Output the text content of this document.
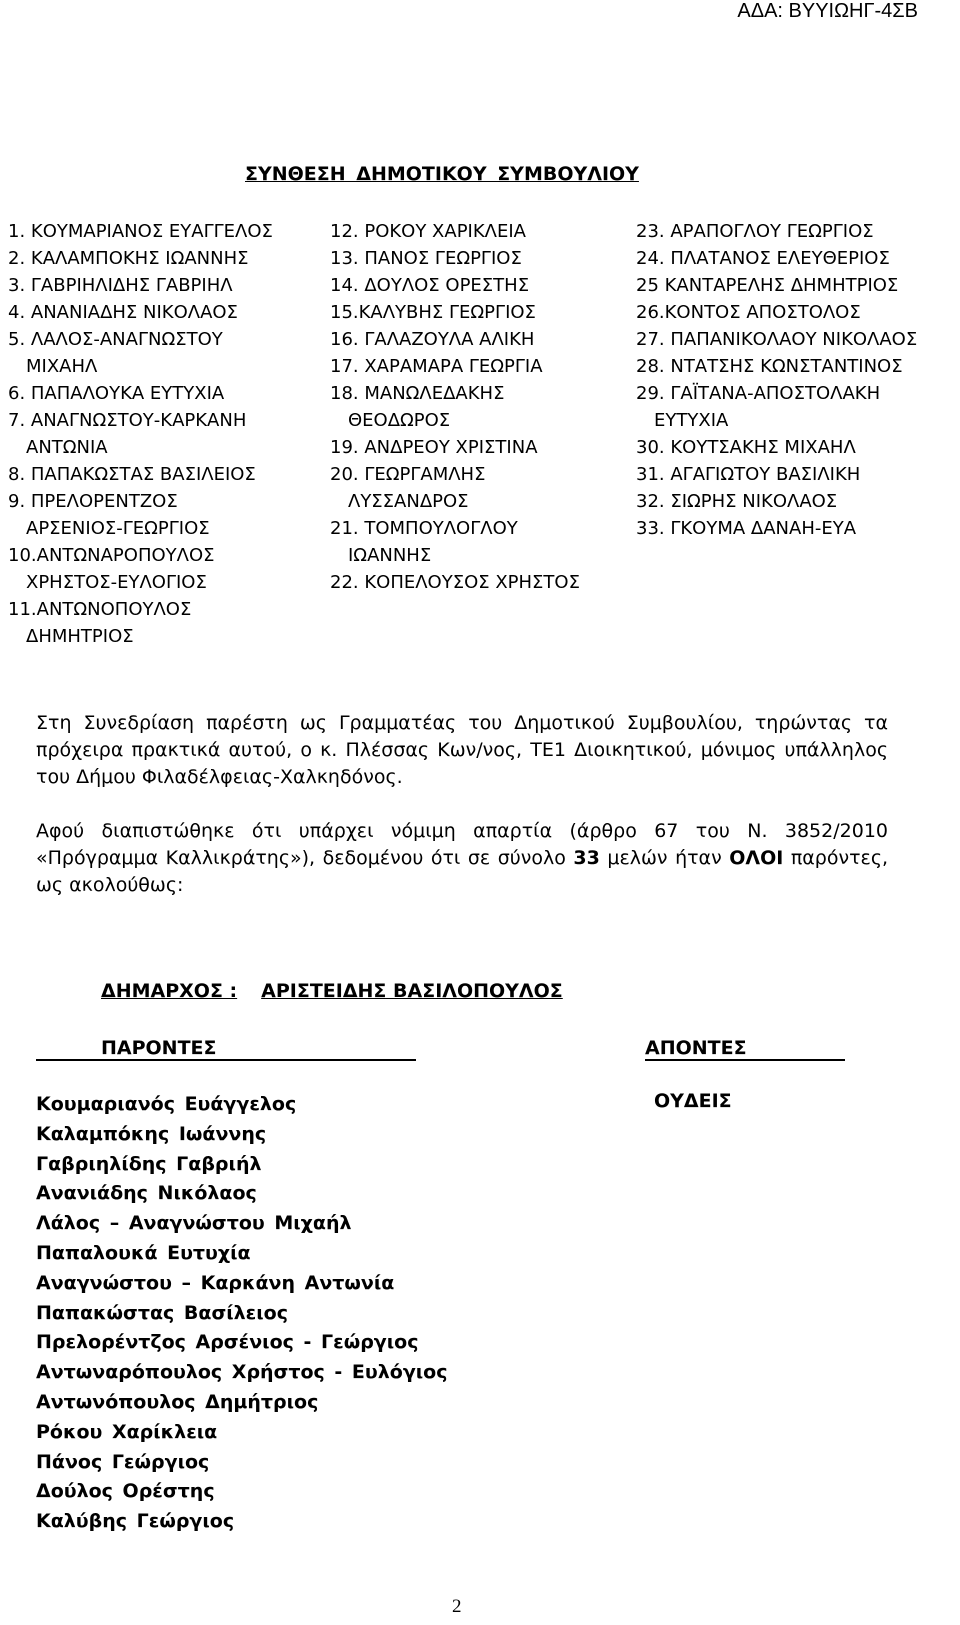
ΑΔΑ: ΒΥΥΙΩΗΓ-4ΣΒ
ΣΥΝΘΕΣΗ ΔΗΜΟΤΙΚΟΥ ΣΥΜΒΟΥΛΙΟΥ
1. ΚΟΥΜΑΡΙΑΝΟΣ ΕΥΑΓΓΕΛΟΣ
2. ΚΑΛΑΜΠΟΚΗΣ ΙΩΑΝΝΗΣ
3. ΓΑΒΡΙΗΛΙΔΗΣ ΓΑΒΡΙΗΛ
4. ΑΝΑΝΙΑΔΗΣ ΝΙΚΟΛΑΟΣ
5. ΛΑΛΟΣ-ΑΝΑΓΝΩΣΤΟΥ
ΜΙΧΑΗΛ
6. ΠΑΠΑΛΟΥΚΑ ΕΥΤΥΧΙΑ
7. ΑΝΑΓΝΩΣΤΟΥ-ΚΑΡΚΑΝΗ
ΑΝΤΩΝΙΑ
8. ΠΑΠΑΚΩΣΤΑΣ ΒΑΣΙΛΕΙΟΣ
9. ΠΡΕΛΟΡΕΝΤΖΟΣ
ΑΡΣΕΝΙΟΣ-ΓΕΩΡΓΙΟΣ
10.ΑΝΤΩΝΑΡΟΠΟΥΛΟΣ
ΧΡΗΣΤΟΣ-ΕΥΛΟΓΙΟΣ
11.ΑΝΤΩΝΟΠΟΥΛΟΣ
ΔΗΜΗΤΡΙΟΣ
12. ΡΟΚΟΥ ΧΑΡΙΚΛΕΙΑ
13. ΠΑΝΟΣ ΓΕΩΡΓΙΟΣ
14. ΔΟΥΛΟΣ ΟΡΕΣΤΗΣ
15.ΚΑΛΥΒΗΣ ΓΕΩΡΓΙΟΣ
16. ΓΑΛΑΖΟΥΛΑ ΑΛΙΚΗ
17. ΧΑΡΑΜΑΡΑ ΓΕΩΡΓΙΑ
18. ΜΑΝΩΛΕΔΑΚΗΣ
ΘΕΟΔΩΡΟΣ
19. ΑΝΔΡΕΟΥ ΧΡΙΣΤΙΝΑ
20. ΓΕΩΡΓΑΜΛΗΣ
ΛΥΣΣΑΝΔΡΟΣ
21. ΤΟΜΠΟΥΛΟΓΛΟΥ
ΙΩΑΝΝΗΣ
22. ΚΟΠΕΛΟΥΣΟΣ ΧΡΗΣΤΟΣ
23. ΑΡΑΠΟΓΛΟΥ ΓΕΩΡΓΙΟΣ
24. ΠΛΑΤΑΝΟΣ ΕΛΕΥΘΕΡΙΟΣ
25 ΚΑΝΤΑΡΕΛΗΣ ΔΗΜΗΤΡΙΟΣ
26.ΚΟΝΤΟΣ ΑΠΟΣΤΟΛΟΣ
27. ΠΑΠΑΝΙΚΟΛΑΟΥ ΝΙΚΟΛΑΟΣ
28. ΝΤΑΤΣΗΣ ΚΩΝΣΤΑΝΤΙΝΟΣ
29. ΓΑΪΤΑΝΑ-ΑΠΟΣΤΟΛΑΚΗ
ΕΥΤΥΧΙΑ
30. ΚΟΥΤΣΑΚΗΣ ΜΙΧΑΗΛ
31. ΑΓΑΓΙΩΤΟΥ ΒΑΣΙΛΙΚΗ
32. ΣΙΩΡΗΣ ΝΙΚΟΛΑΟΣ
33. ΓΚΟΥΜΑ ΔΑΝΑΗ-ΕΥΑ
Στη Συνεδρίαση παρέστη ως Γραμματέας του Δημοτικού Συμβουλίου, τηρώντας τα πρόχειρα πρακτικά αυτού, ο κ. Πλέσσας Κων/νος, ΤΕ1 Διοικητικού, μόνιμος υπάλληλος του Δήμου Φιλαδέλφειας-Χαλκηδόνος.
Αφού διαπιστώθηκε ότι υπάρχει νόμιμη απαρτία (άρθρο 67 του Ν. 3852/2010 «Πρόγραμμα Καλλικράτης»), δεδομένου ότι σε σύνολο 33 μελών ήταν ΟΛΟΙ παρόντες, ως ακολούθως:
ΔΗΜΑΡΧΟΣ : ΑΡΙΣΤΕΙΔΗΣ ΒΑΣΙΛΟΠΟΥΛΟΣ
ΠΑΡΟΝΤΕΣ	ΑΠΟΝΤΕΣ
Κουμαριανός Ευάγγελος
Καλαμπόκης Ιωάννης
Γαβριηλίδης Γαβριήλ
Ανανιάδης Νικόλαος
Λάλος – Αναγνώστου Μιχαήλ
Παπαλουκά Ευτυχία
Αναγνώστου – Καρκάνη Αντωνία
Παπακώστας Βασίλειος
Πρελορέντζος Αρσένιος - Γεώργιος
Αντωναρόπουλος Χρήστος - Ευλόγιος
Αντωνόπουλος Δημήτριος
Ρόκου Χαρίκλεια
Πάνος Γεώργιος
Δούλος Ορέστης
Καλύβης Γεώργιος
ΟΥΔΕΙΣ
2
